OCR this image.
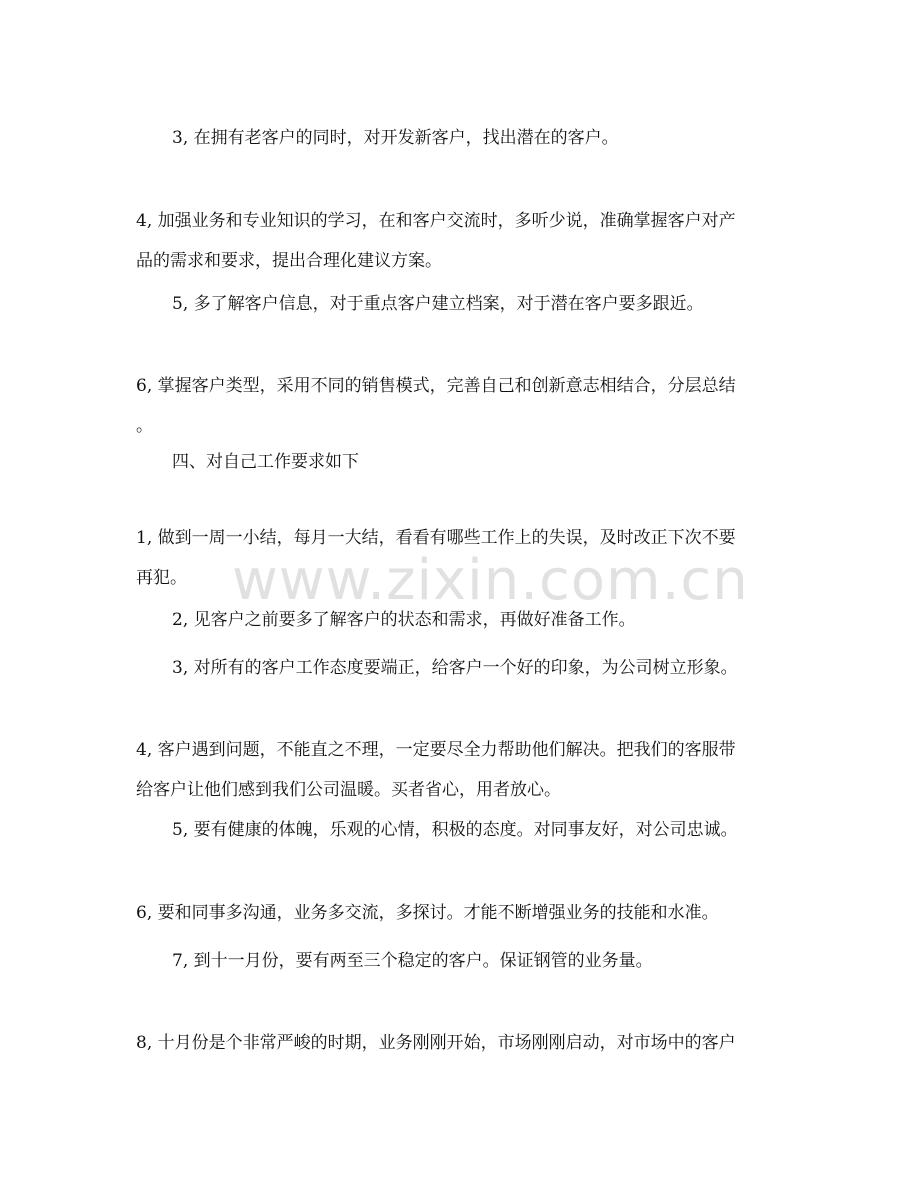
3, 在拥有老客户的同时，对开发新客户，找出潜在的客户。

4, 加强业务和专业知识的学习，在和客户交流时，多听少说，准确掌握客户对产
品的需求和要求，提出合理化建议方案。

5, 多了解客户信息，对于重点客户建立档案，对于潜在客户要多跟近。

6, 掌握客户类型，采用不同的销售模式，完善自己和创新意志相结合，分层总结
。

四、对自己工作要求如下

1, 做到一周一小结，每月一大结，看看有哪些工作上的失误，及时改正下次不要
再犯。

2, 见客户之前要多了解客户的状态和需求，再做好准备工作。

3, 对所有的客户工作态度要端正，给客户一个好的印象，为公司树立形象。

4, 客户遇到问题，不能直之不理，一定要尽全力帮助他们解决。把我们的客服带
给客户让他们感到我们公司温暖。买者省心，用者放心。

5, 要有健康的体魄，乐观的心情，积极的态度。对同事友好，对公司忠诚。

6, 要和同事多沟通，业务多交流，多探讨。才能不断增强业务的技能和水准。

7, 到十一月份，要有两至三个稳定的客户。保证钢管的业务量。

8, 十月份是个非常严峻的时期，业务刚刚开始，市场刚刚启动，对市场中的客户

www.zixin.com.cn
